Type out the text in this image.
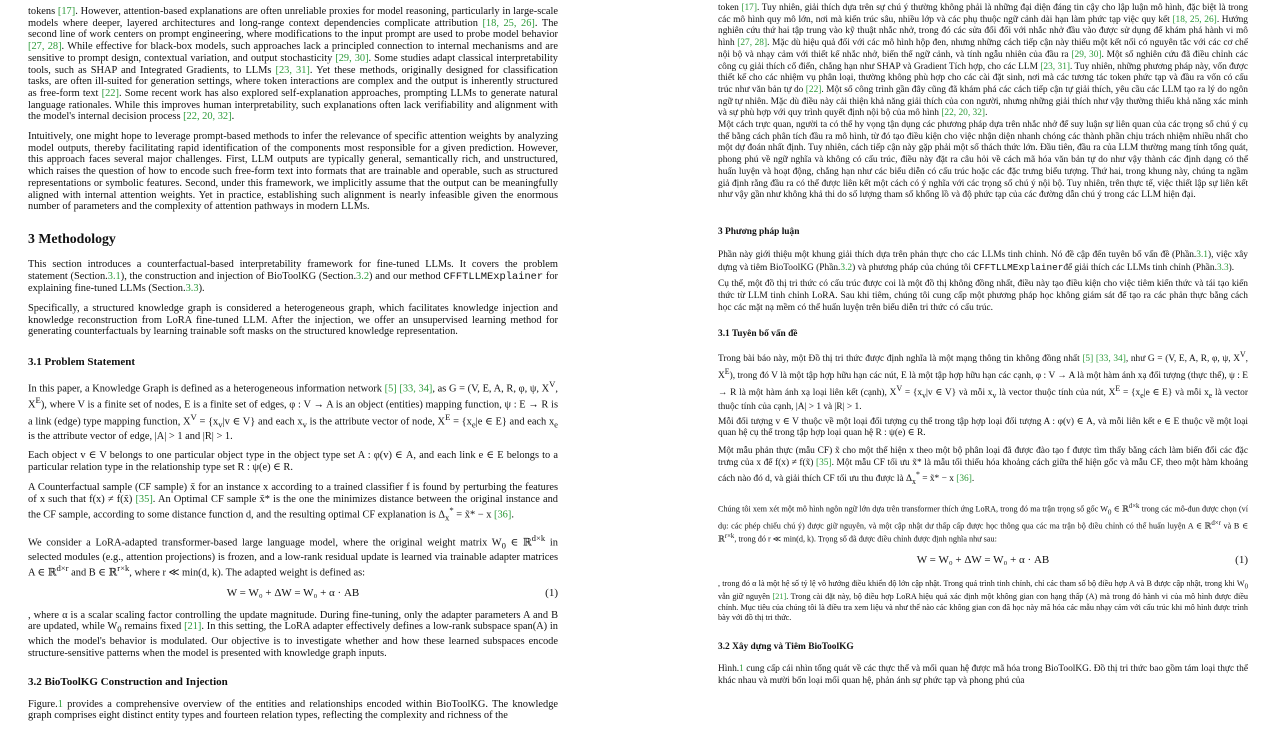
tokens [17]. However, attention-based explanations are often unreliable proxies for model reasoning, particularly in large-scale models where deeper, layered architectures and long-range context dependencies complicate attribution [18, 25, 26]. The second line of work centers on prompt engineering, where modifications to the input prompt are used to probe model behavior [27, 28]. While effective for black-box models, such approaches lack a principled connection to internal mechanisms and are sensitive to prompt design, contextual variation, and output stochasticity [29, 30]. Some studies adapt classical interpretability tools, such as SHAP and Integrated Gradients, to LLMs [23, 31]. Yet these methods, originally designed for classification tasks, are often ill-suited for generation settings, where token interactions are complex and the output is inherently structured as free-form text [22]. Some recent work has also explored self-explanation approaches, prompting LLMs to generate natural language rationales. While this improves human interpretability, such explanations often lack verifiability and alignment with the model's internal decision process [22, 20, 32].

Intuitively, one might hope to leverage prompt-based methods to infer the relevance of specific attention weights by analyzing model outputs, thereby facilitating rapid identification of the components most responsible for a given prediction. However, this approach faces several major challenges. First, LLM outputs are typically general, semantically rich, and unstructured, which raises the question of how to encode such free-form text into formats that are trainable and operable, such as structured representations or symbolic features. Second, under this framework, we implicitly assume that the output can be meaningfully aligned with internal attention weights. Yet in practice, establishing such alignment is nearly infeasible given the enormous number of parameters and the complexity of attention pathways in modern LLMs.

3 Methodology

This section introduces a counterfactual-based interpretability framework for fine-tuned LLMs. It covers the problem statement (Section.3.1), the construction and injection of BioToolKG (Section.3.2) and our method CFFTLLMExplainer for explaining fine-tuned LLMs (Section.3.3).

Specifically, a structured knowledge graph is considered a heterogeneous graph, which facilitates knowledge injection and knowledge reconstruction from LoRA fine-tuned LLM. After the injection, we offer an unsupervised learning method for generating counterfactuals by learning trainable soft masks on the structured knowledge representation.

3.1 Problem Statement

In this paper, a Knowledge Graph is defined as a heterogeneous information network [5] [33, 34], as G = (V, E, A, R, φ, ψ, $X^V$, $X^E$), where V is a finite set of nodes, E is a finite set of edges, φ : V → A is an object (entities) mapping function, ψ : E → R is a link (edge) type mapping function, $X^V = \{x_v|v$ ∈ V} and each $x_v$ is the attribute vector of node, $X^E = \{x_e|e$ ∈ E} and each $x_e$ is the attribute vector of edge, |A| > 1 and |R| > 1.

Each object v ∈ V belongs to one particular object type in the object type set A : φ(v) ∈ A, and each link e ∈ E belongs to a particular relation type in the relationship type set R : ψ(e) ∈ R.

A Counterfactual sample (CF sample) x̃ for an instance x according to a trained classifier f is found by perturbing the features of x such that f(x) ≠ f(x̃) [35]. An Optimal CF sample x̃* is the one the minimizes distance between the original instance and the CF sample, according to some distance function d, and the resulting optimal CF explanation is $\Delta_x^*$ = x̃* − x [36].

We consider a LoRA-adapted transformer-based large language model, where the original weight matrix $W_0$ ∈ ℝ$^{d\times k}$ in selected modules (e.g., attention projections) is frozen, and a low-rank residual update is learned via trainable adapter matrices A ∈ ℝ$^{d\times r}$ and B ∈ ℝ$^{r\times k}$, where r ≪ min(d, k). The adapted weight is defined as:

W = W₀ + ΔW = W₀ + α · AB	(1)

, where α is a scalar scaling factor controlling the update magnitude. During fine-tuning, only the adapter parameters A and B are updated, while $W_0$ remains fixed [21]. In this setting, the LoRA adapter effectively defines a low-rank subspace span(A) in which the model's behavior is modulated. Our objective is to investigate whether and how these learned subspaces encode structure-sensitive patterns when the model is presented with knowledge graph inputs.

3.2 BioToolKG Construction and Injection

Figure.1 provides a comprehensive overview of the entities and relationships encoded within BioToolKG. The knowledge graph comprises eight distinct entity types and fourteen relation types, reflecting the complexity and richness of the

token [17]. Tuy nhiên, giải thích dựa trên sự chú ý thường không phải là những đại diện đáng tin cậy cho lập luận mô hình, đặc biệt là trong các mô hình quy mô lớn, nơi mà kiến trúc sâu, nhiều lớp và các phụ thuộc ngữ cảnh dài hạn làm phức tạp việc quy kết [18, 25, 26]. Hướng nghiên cứu thứ hai tập trung vào kỹ thuật nhắc nhở, trong đó các sửa đổi đối với nhắc nhở đầu vào được sử dụng để khám phá hành vi mô hình [27, 28]. Mặc dù hiệu quả đối với các mô hình hộp đen, nhưng những cách tiếp cận này thiếu một kết nối có nguyên tắc với các cơ chế nội bộ và nhạy cảm với thiết kế nhắc nhở, biến thể ngữ cảnh, và tính ngẫu nhiên của đầu ra [29, 30]. Một số nghiên cứu đã điều chỉnh các công cụ giải thích cổ điển, chẳng hạn như SHAP và Gradient Tích hợp, cho các LLM [23, 31]. Tuy nhiên, những phương pháp này, vốn được thiết kế cho các nhiệm vụ phân loại, thường không phù hợp cho các cài đặt sinh, nơi mà các tương tác token phức tạp và đầu ra vốn có cấu trúc như văn bản tự do [22]. Một số công trình gần đây cũng đã khám phá các cách tiếp cận tự giải thích, yêu cầu các LLM tạo ra lý do ngôn ngữ tự nhiên. Mặc dù điều này cải thiện khả năng giải thích của con người, nhưng những giải thích như vậy thường thiếu khả năng xác minh và sự phù hợp với quy trình quyết định nội bộ của mô hình [22, 20, 32].

Một cách trực quan, người ta có thể hy vọng tận dụng các phương pháp dựa trên nhắc nhở để suy luận sự liên quan của các trọng số chú ý cụ thể bằng cách phân tích đầu ra mô hình, từ đó tạo điều kiện cho việc nhận diện nhanh chóng các thành phần chịu trách nhiệm nhiều nhất cho một dự đoán nhất định. Tuy nhiên, cách tiếp cận này gặp phải một số thách thức lớn. Đầu tiên, đầu ra của LLM thường mang tính tổng quát, phong phú về ngữ nghĩa và không có cấu trúc, điều này đặt ra câu hỏi về cách mã hóa văn bản tự do như vậy thành các định dạng có thể huấn luyện và hoạt động, chẳng hạn như các biểu diễn có cấu trúc hoặc các đặc trưng biểu tượng. Thứ hai, trong khung này, chúng ta ngầm giả định rằng đầu ra có thể được liên kết một cách có ý nghĩa với các trọng số chú ý nội bộ. Tuy nhiên, trên thực tế, việc thiết lập sự liên kết như vậy gần như không khả thi do số lượng tham số khổng lồ và độ phức tạp của các đường dẫn chú ý trong các LLM hiện đại.

3 Phương pháp luận

Phần này giới thiệu một khung giải thích dựa trên phản thực cho các LLMs tinh chỉnh. Nó đề cập đến tuyên bố vấn đề (Phần.3.1), việc xây dựng và tiêm BioToolKG (Phần.3.2) và phương pháp của chúng tôi CFFTLLMExplainerđể giải thích các LLMs tinh chỉnh (Phần.3.3).

Cụ thể, một đồ thị tri thức có cấu trúc được coi là một đồ thị không đồng nhất, điều này tạo điều kiện cho việc tiêm kiến thức và tái tạo kiến thức từ LLM tinh chỉnh LoRA. Sau khi tiêm, chúng tôi cung cấp một phương pháp học không giám sát để tạo ra các phản thực bằng cách học các mặt nạ mềm có thể huấn luyện trên biểu diễn tri thức có cấu trúc.

3.1 Tuyên bố vấn đề

Trong bài báo này, một Đồ thị tri thức được định nghĩa là một mạng thông tin không đồng nhất [5] [33, 34], như G = (V, E, A, R, φ, ψ, $X^V$, $X^E$), trong đó V là một tập hợp hữu hạn các nút, E là một tập hợp hữu hạn các cạnh, φ : V → A là một hàm ánh xạ đối tượng (thực thể), ψ : E → R là một hàm ánh xạ loại liên kết (cạnh), $X^V = \{x_v|v$ ∈ V} và mỗi $x_v$ là vector thuộc tính của nút, $X^E = \{x_e|e$ ∈ E} và mỗi $x_e$ là vector thuộc tính của cạnh, |A| > 1 và |R| > 1.

Mỗi đối tượng v ∈ V thuộc về một loại đối tượng cụ thể trong tập hợp loại đối tượng A : φ(v) ∈ A, và mỗi liên kết e ∈ E thuộc về một loại quan hệ cụ thể trong tập hợp loại quan hệ R : ψ(e) ∈ R.

Một mẫu phản thực (mẫu CF) x̃ cho một thể hiện x theo một bộ phân loại đã được đào tạo f được tìm thấy bằng cách làm biến đổi các đặc trưng của x để f(x) ≠ f(x̃) [35]. Một mẫu CF tối ưu x̃* là mẫu tối thiểu hóa khoảng cách giữa thể hiện gốc và mẫu CF, theo một hàm khoảng cách nào đó d, và giải thích CF tối ưu thu được là $\Delta_x^*$ = x̃* − x [36].

Chúng tôi xem xét một mô hình ngôn ngữ lớn dựa trên transformer thích ứng LoRA, trong đó ma trận trọng số gốc $W_0$ ∈ ℝ$^{d\times k}$ trong các mô-đun được chọn (ví dụ: các phép chiếu chú ý) được giữ nguyên, và một cập nhật dư thấp cấp được học thông qua các ma trận bộ điều chỉnh có thể huấn luyện A ∈ ℝ$^{d\times r}$ và B ∈ ℝ$^{r\times k}$, trong đó r ≪ min(d, k). Trọng số đã được điều chỉnh được định nghĩa như sau:

W = W₀ + ΔW = W₀ + α · AB	(1)

, trong đó α là một hệ số tỷ lệ vô hướng điều khiển độ lớn cập nhật. Trong quá trình tinh chỉnh, chỉ các tham số bộ điều hợp A và B được cập nhật, trong khi $W_0$ vẫn giữ nguyên [21]. Trong cài đặt này, bộ điều hợp LoRA hiệu quả xác định một không gian con hạng thấp (A) mà trong đó hành vi của mô hình được điều chỉnh. Mục tiêu của chúng tôi là điều tra xem liệu và như thế nào các không gian con đã học này mã hóa các mẫu nhạy cảm với cấu trúc khi mô hình được trình bày với đồ thị tri thức.

3.2 Xây dựng và Tiêm BioToolKG

Hình.1 cung cấp cái nhìn tổng quát về các thực thể và mối quan hệ được mã hóa trong BioToolKG. Đồ thị tri thức bao gồm tám loại thực thể khác nhau và mười bốn loại mối quan hệ, phản ánh sự phức tạp và phong phú của
